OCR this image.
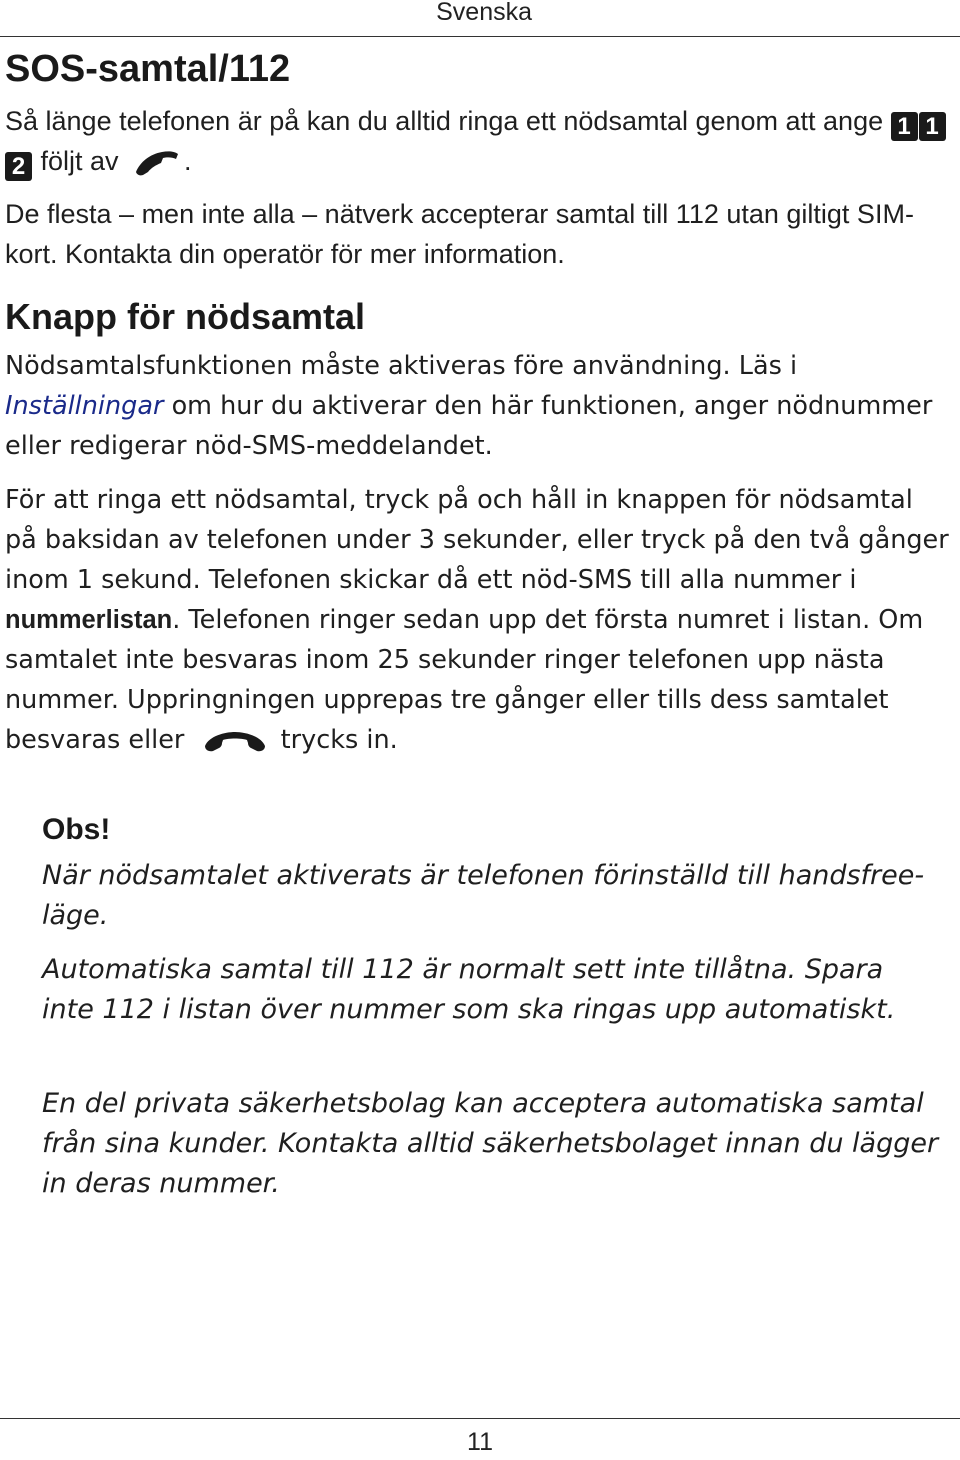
Svenska
SOS-samtal/112

Så länge telefonen är på kan du alltid ringa ett nödsamtal genom att ange 1 12 följt av .

De flesta – men inte alla – nätverk accepterar samtal till 112 utan giltigt SIM-kort. Kontakta din operatör för mer information.

Knapp för nödsamtal

Nödsamtalsfunktionen måste aktiveras före användning. Läs i Inställningar om hur du aktiverar den här funktionen, anger nödnummer eller redigerar nöd-SMS-meddelandet.

För att ringa ett nödsamtal, tryck på och håll in knappen för nödsamtal på baksidan av telefonen under 3 sekunder, eller tryck på den två gånger inom 1 sekund. Telefonen skickar då ett nöd-SMS till alla nummer i nummerlistan. Telefonen ringer sedan upp det första numret i listan. Om samtalet inte besvaras inom 25 sekunder ringer telefonen upp nästa nummer. Uppringningen upprepas tre gånger eller tills dess samtalet besvaras eller	trycks in.

Obs!

När nödsamtalet aktiverats är telefonen förinställd till handsfree-läge.

Automatiska samtal till 112 är normalt sett inte tillåtna. Spara inte 112 i listan över nummer som ska ringas upp automatiskt.

En del privata säkerhetsbolag kan acceptera automatiska samtal från sina kunder. Kontakta alltid säkerhetsbolaget innan du lägger in deras nummer.

11
